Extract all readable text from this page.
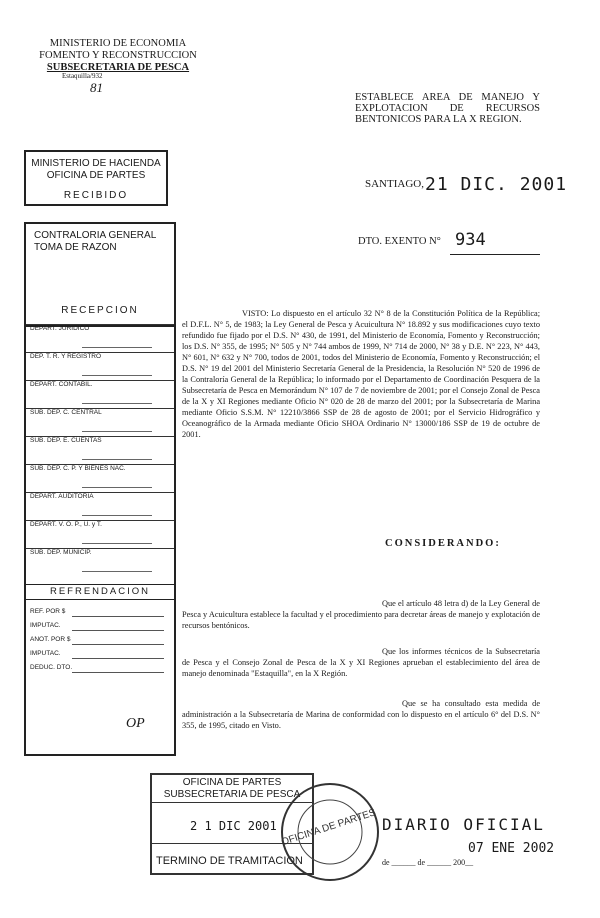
MINISTERIO DE ECONOMIA
FOMENTO Y RECONSTRUCCION
SUBSECRETARIA DE PESCA
Estaquilla/932
81
ESTABLECE AREA DE MANEJO Y EXPLOTACION DE RECURSOS BENTONICOS PARA LA X REGION.
MINISTERIO DE HACIENDA
OFICINA DE PARTES
RECIBIDO
CONTRALORIA GENERAL
TOMA DE RAZON
RECEPCION
DEPART. JURIDICO
DEP. T. R. Y REGISTRO
DEPART. CONTABIL.
SUB. DEP. C. CENTRAL
SUB. DEP. E. CUENTAS
SUB. DEP. C. P. Y BIENES NAC.
DEPART. AUDITORIA
DEPART. V. O. P., U. y T.
SUB. DEP. MUNICIP.
REFRENDACION
REF. POR $
IMPUTAC.
ANOT. POR $
IMPUTAC.
DEDUC. DTO.
OP
SANTIAGO, 21 DIC. 2001
DTO. EXENTO N° 934
VISTO: Lo dispuesto en el artículo 32 N° 8 de la Constitución Política de la República; el D.F.L. N° 5, de 1983; la Ley General de Pesca y Acuicultura N° 18.892 y sus modificaciones cuyo texto refundido fue fijado por el D.S. N° 430, de 1991, del Ministerio de Economía, Fomento y Reconstrucción; los D.S. N° 355, de 1995; N° 505 y N° 744 ambos de 1999, N° 714 de 2000, N° 38 y D.E. N° 223, N° 443, N° 601, N° 632 y N° 700, todos de 2001, todos del Ministerio de Economía, Fomento y Reconstrucción; el D.S. N° 19 del 2001 del Ministerio Secretaría General de la Presidencia, la Resolución N° 520 de 1996 de la Contraloría General de la República; lo informado por el Departamento de Coordinación Pesquera de la Subsecretaría de Pesca en Memorándum N° 107 de 7 de noviembre de 2001; por el Consejo Zonal de Pesca de la X y XI Regiones mediante Oficio N° 020 de 28 de marzo del 2001; por la Subsecretaría de Marina mediante Oficio S.S.M. N° 12210/3866 SSP de 28 de agosto de 2001; por el Servicio Hidrográfico y Oceanográfico de la Armada mediante Oficio SHOA Ordinario N° 13000/186 SSP de 19 de octubre de 2001.
CONSIDERANDO:
Que el artículo 48 letra d) de la Ley General de Pesca y Acuicultura establece la facultad y el procedimiento para decretar áreas de manejo y explotación de recursos bentónicos.
Que los informes técnicos de la Subsecretaría de Pesca y el Consejo Zonal de Pesca de la X y XI Regiones aprueban el establecimiento del área de manejo denominada "Estaquilla", en la X Región.
Que se ha consultado esta medida de administración a la Subsecretaría de Marina de conformidad con lo dispuesto en el artículo 6° del D.S. N° 355, de 1995, citado en Visto.
OFICINA DE PARTES
SUBSECRETARIA DE PESCA
2 1 DIC 2001
TERMINO DE TRAMITACION
OFICINA DE PARTES DIARIO OFICIAL
07 ENE 2002
de ______ de ______ 200__
